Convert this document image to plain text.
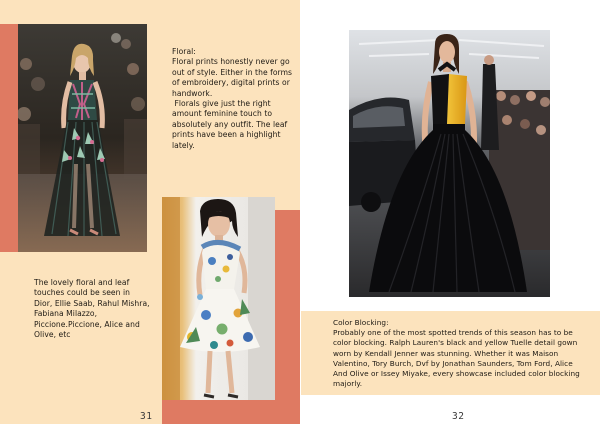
Floral:

Floral prints honestly never go out of style. Either in the forms of embroidery, digital prints or handwork.

Florals give just the right amount feminine touch to absolutely any outfit. The leaf prints have been a highlight lately.

The lovely floral and leaf touches could be seen in Dior, Ellie Saab, Rahul Mishra, Fabiana Milazzo, Piccione.Piccione, Alice and Olive, etc

Color Blocking:

Probably one of the most spotted trends of this season has to be color blocking. Ralph Lauren's black and yellow Tuelle detail gown worn by Kendall Jenner was stunning. Whether it was Maison Valentino, Tory Burch, Dvf by Jonathan Saunders, Tom Ford, Alice And Olive or Issey Miyake, every showcase included color blocking majorly.

31	32
